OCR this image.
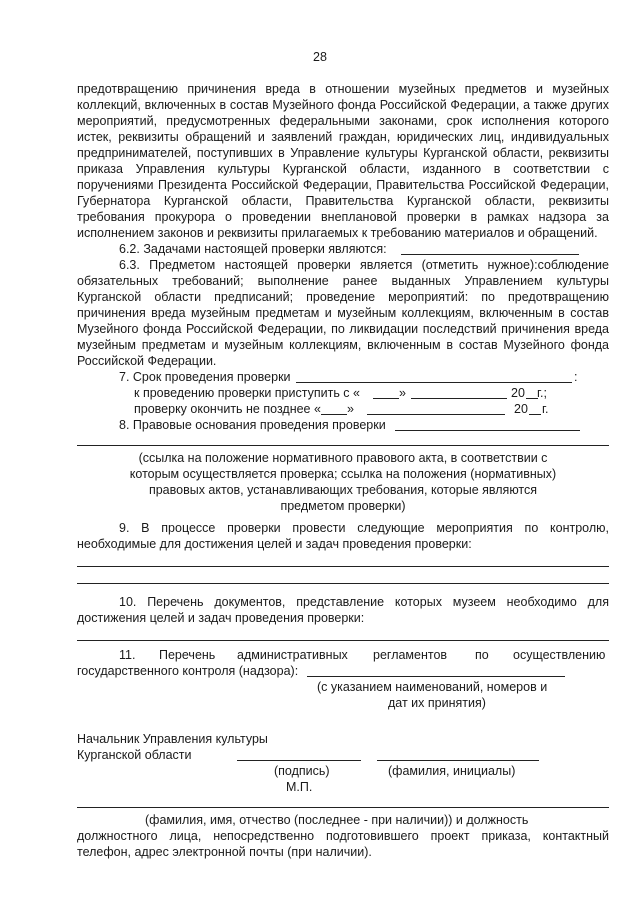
28

предотвращению причинения вреда в отношении музейных предметов и музейных коллекций, включенных в состав Музейного фонда Российской Федерации, а также других мероприятий, предусмотренных федеральными законами, срок исполнения которого истек, реквизиты обращений и заявлений граждан, юридических лиц, индивидуальных предпринимателей, поступивших в Управление культуры Курганской области, реквизиты приказа Управления культуры Курганской области, изданного в соответствии с поручениями Президента Российской Федерации, Правительства Российской Федерации, Губернатора Курганской области, Правительства Курганской области, реквизиты требования прокурора о проведении внеплановой проверки в рамках надзора за исполнением законов и реквизиты прилагаемых к требованию материалов и обращений.

6.2. Задачами настоящей проверки являются:

6.3. Предметом настоящей проверки является (отметить нужное):соблюдение обязательных требований; выполнение ранее выданных Управлением культуры Курганской области предписаний; проведение мероприятий: по предотвращению причинения вреда музейным предметам и музейным коллекциям, включенным в состав Музейного фонда Российской Федерации, по ликвидации последствий причинения вреда музейным предметам и музейным коллекциям, включенным в состав Музейного фонда Российской Федерации.

7. Срок проведения проверки	:
к проведению проверки приступить с «	»	20 г.;
проверку окончить не позднее « »	20 г.
8. Правовые основания проведения проверки

(ссылка на положение нормативного правового акта, в соответствии с которым осуществляется проверка; ссылка на положения (нормативных) правовых актов, устанавливающих требования, которые являются предметом проверки)

9. В процессе проверки провести следующие мероприятия по контролю, необходимые для достижения целей и задач проведения проверки:

10. Перечень документов, представление которых музеем необходимо для достижения целей и задач проведения проверки:

11. Перечень административных регламентов по осуществлению
государственного контроля (надзора):
(с указанием наименований, номеров и
дат их принятия)
Начальник Управления культуры
Курганской области
(подпись)	(фамилия, инициалы)
М.П.
(фамилия, имя, отчество (последнее - при наличии)) и должность

должностного лица, непосредственно подготовившего проект приказа, контактный телефон, адрес электронной почты (при наличии).
